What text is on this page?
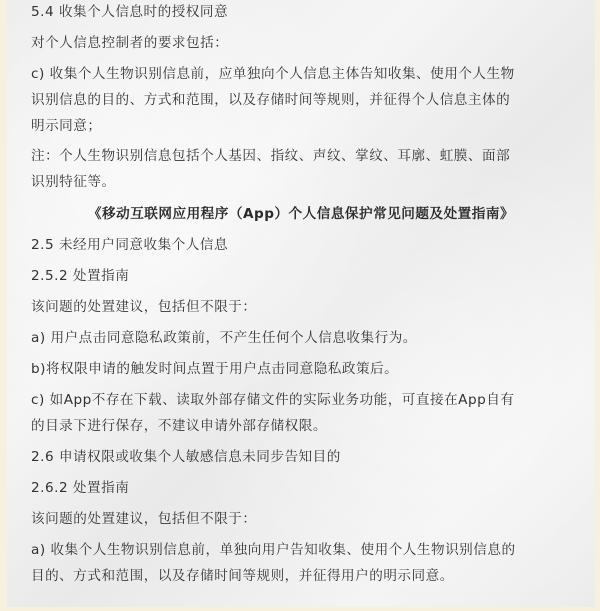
5.4 收集个人信息时的授权同意
对个人信息控制者的要求包括：
c) 收集个人生物识别信息前，应单独向个人信息主体告知收集、使用个人生物
识别信息的目的、方式和范围，以及存储时间等规则，并征得个人信息主体的
明示同意；
注：个人生物识别信息包括个人基因、指纹、声纹、掌纹、耳廓、虹膜、面部
识别特征等。
《移动互联网应用程序（App）个人信息保护常见问题及处置指南》
2.5 未经用户同意收集个人信息
2.5.2 处置指南
该问题的处置建议，包括但不限于：
a) 用户点击同意隐私政策前，不产生任何个人信息收集行为。
b)将权限申请的触发时间点置于用户点击同意隐私政策后。
c) 如App不存在下载、读取外部存储文件的实际业务功能，可直接在App自有
的目录下进行保存，不建议申请外部存储权限。
2.6 申请权限或收集个人敏感信息未同步告知目的
2.6.2 处置指南
该问题的处置建议，包括但不限于：
a) 收集个人生物识别信息前，单独向用户告知收集、使用个人生物识别信息的
目的、方式和范围，以及存储时间等规则，并征得用户的明示同意。
